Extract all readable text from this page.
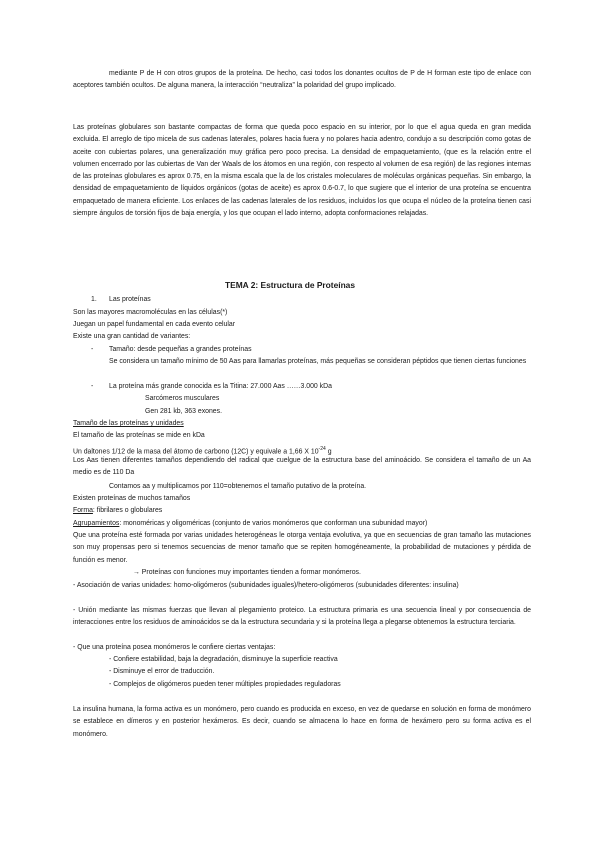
mediante P de H con otros grupos de la proteína. De hecho, casi todos los donantes ocultos de P de H forman este tipo de enlace con aceptores también ocultos. De alguna manera, la interacción “neutraliza” la polaridad del grupo implicado.
Las proteínas globulares son bastante compactas de forma que queda poco espacio en su interior, por lo que el agua queda en gran medida excluida. El arreglo de tipo micela de sus cadenas laterales, polares hacia fuera y no polares hacia adentro, condujo a su descripción como gotas de aceite con cubiertas polares, una generalización muy gráfica pero poco precisa. La densidad de empaquetamiento, (que es la relación entre el volumen encerrado por las cubiertas de Van der Waals de los átomos en una región, con respecto al volumen de esa región) de las regiones internas de las proteínas globulares es aprox 0.75, en la misma escala que la de los cristales moleculares de moléculas orgánicas pequeñas. Sin embargo, la densidad de empaquetamiento de líquidos orgánicos (gotas de aceite) es aprox 0.6-0.7, lo que sugiere que el interior de una proteína se encuentra empaquetado de manera eficiente. Los enlaces de las cadenas laterales de los residuos, incluidos los que ocupa el núcleo de la proteína tienen casi siempre ángulos de torsión fijos de baja energía, y los que ocupan el lado interno, adopta conformaciones relajadas.
TEMA 2: Estructura de Proteínas
1. Las proteínas
Son las mayores macromoléculas en las células(*)
Juegan un papel fundamental en cada evento celular
Existe una gran cantidad de variantes:
- Tamaño: desde pequeñas a grandes proteínas
Se considera un tamaño mínimo de 50 Aas para llamarlas proteínas, más pequeñas se consideran péptidos que tienen ciertas funciones
- La proteína más grande conocida es la Titina: 27.000 Aas ……3.000 kDa
Sarcómeros musculares
Gen 281 kb, 363 exones.
Tamaño de las proteínas y unidades
El tamaño de las proteínas se mide en kDa
Un daltones 1/12 de la masa del átomo de carbono (12C) y equivale a 1,66 X $10^{-24}$ g
Los Aas tienen diferentes tamaños dependiendo del radical que cuelgue de la estructura base del aminoácido. Se considera el tamaño de un Aa medio es de 110 Da
Contamos aa y multiplicamos por 110=obtenemos el tamaño putativo de la proteína.
Existen proteínas de muchos tamaños
Forma: fibrilares o globulares
Agrupamientos: monoméricas y oligoméricas (conjunto de varios monómeros que conforman una subunidad mayor)
Que una proteína esté formada por varias unidades heterogéneas le otorga ventaja evolutiva, ya que en secuencias de gran tamaño las mutaciones son muy propensas pero si tenemos secuencias de menor tamaño que se repiten homogéneamente, la probabilidad de mutaciones y pérdida de función es menor.
→ Proteínas con funciones muy importantes tienden a formar monómeros.
- Asociación de varias unidades: homo-oligómeros (subunidades iguales)/hetero-oligómeros (subunidades diferentes: insulina)
- Unión mediante las mismas fuerzas que llevan al plegamiento proteico. La estructura primaria es una secuencia lineal y por consecuencia de interacciones entre los residuos de aminoácidos se da la estructura secundaria y si la proteína llega a plegarse obtenemos la estructura terciaria.
- Que una proteína posea monómeros le confiere ciertas ventajas:
- Confiere estabilidad, baja la degradación, disminuye la superficie reactiva
- Disminuye el error de traducción.
- Complejos de oligómeros pueden tener múltiples propiedades reguladoras
La insulina humana, la forma activa es un monómero, pero cuando es producida en exceso, en vez de quedarse en solución en forma de monómero se establece en dímeros y en posterior hexámeros. Es decir, cuando se almacena lo hace en forma de hexámero pero su forma activa es el monómero.
